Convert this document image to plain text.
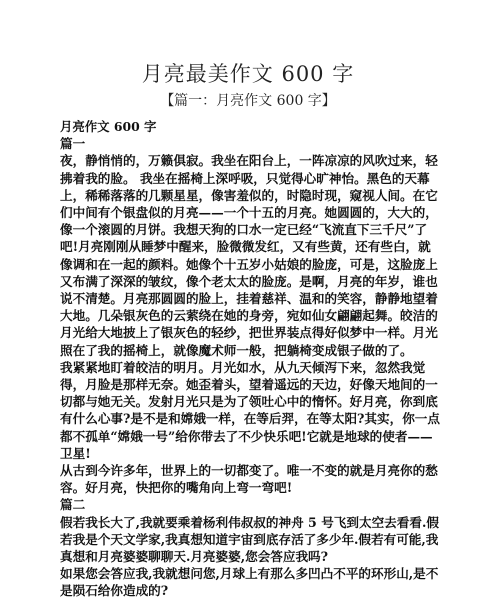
月亮最美作文 600 字
【篇一：月亮作文 600 字】

月亮作文 600 字

篇一

夜，静悄悄的，万籁俱寂。我坐在阳台上，一阵凉凉的风吹过来，轻拂着我的脸。 我坐在摇椅上深呼吸，只觉得心旷神怡。黑色的天幕上，稀稀落落的几颗星星，像害羞似的，时隐时现，窥视人间。在它们中间有个银盘似的月亮——一个十五的月亮。她圆圆的，大大的，像一个滚圆的月饼。我想天狗的口水一定已经“飞流直下三千尺”了吧!月亮刚刚从睡梦中醒来，脸微微发红，又有些黄，还有些白，就像调和在一起的颜料。她像个十五岁小姑娘的脸庞，可是，这脸庞上又布满了深深的皱纹，像个老太太的脸庞。是啊，月亮的年岁，谁也说不清楚。月亮那圆圆的脸上，挂着慈祥、温和的笑容，静静地望着大地。几朵银灰色的云萦绕在她的身旁，宛如仙女翩翩起舞。皎洁的月光给大地披上了银灰色的轻纱，把世界装点得好似梦中一样。月光照在了我的摇椅上，就像魔术师一般，把躺椅变成银子做的了。

我紧紧地盯着皎洁的明月。月光如水，从九天倾泻下来，忽然我觉得，月脸是那样无奈。她歪着头，望着遥远的天边，好像天地间的一切都与她无关。发射月光只是为了领吐心中的惰怀。好月亮，你到底有什么心事?是不是和嫦娥一样，在等后羿，在等太阳?其实，你一点都不孤单“嫦娥一号”给你带去了不少快乐吧!它就是地球的使者——卫星!

从古到今许多年，世界上的一切都变了。唯一不变的就是月亮你的愁容。好月亮，快把你的嘴角向上弯一弯吧!

篇二

假若我长大了,我就要乘着杨利伟叔叔的神舟 5 号飞到太空去看看.假若我是个天文学家,我真想知道宇宙到底存活了多少年.假若有可能,我真想和月亮婆婆聊聊天.月亮婆婆,您会答应我吗?

如果您会答应我,我就想问您,月球上有那么多凹凸不平的环形山,是不是陨石给你造成的?
